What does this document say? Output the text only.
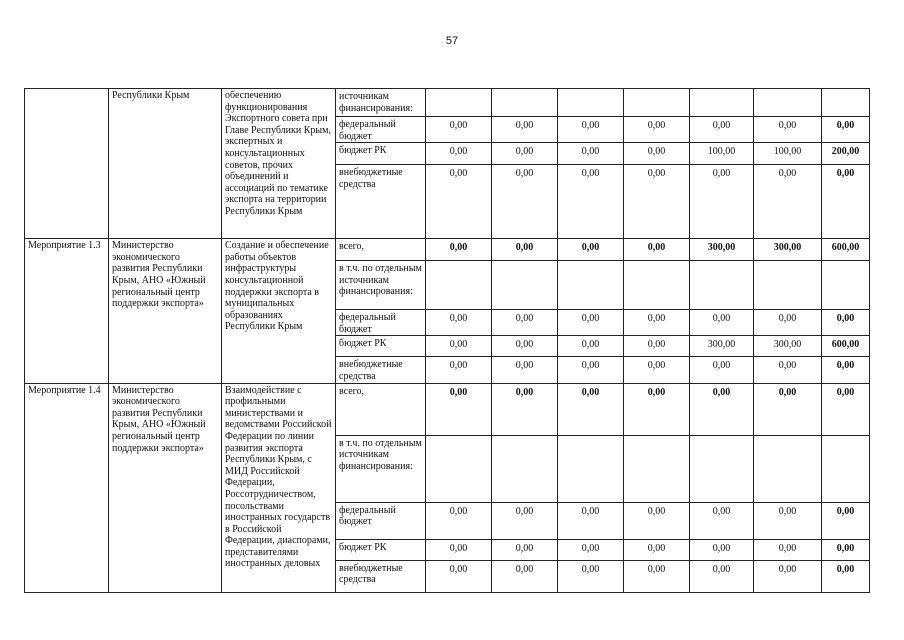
57
	Республики Крым	обеспечению функционирования Экспортного совета при Главе Республики Крым, экспертных и консультационных советов, прочих объединений и ассоциаций по тематике экспорта на территории Республики Крым	источникам финансирования:							
			федеральный бюджет	0,00	0,00	0,00	0,00	0,00	0,00	0,00
			бюджет РК	0,00	0,00	0,00	0,00	100,00	100,00	200,00
			внебюджетные средства	0,00	0,00	0,00	0,00	0,00	0,00	0,00
Мероприятие 1.3	Министерство экономического развития Республики Крым, АНО «Южный региональный центр поддержки экспорта»	Создание и обеспечение работы объектов инфраструктуры консультационной поддержки экспорта в муниципальных образованиях Республики Крым	всего,	0,00	0,00	0,00	0,00	300,00	300,00	600,00
			в т.ч. по отдельным источникам финансирования:							
			федеральный бюджет	0,00	0,00	0,00	0,00	0,00	0,00	0,00
			бюджет РК	0,00	0,00	0,00	0,00	300,00	300,00	600,00
			внебюджетные средства	0,00	0,00	0,00	0,00	0,00	0,00	0,00
Мероприятие 1.4	Министерство экономического развития Республики Крым, АНО «Южный региональный центр поддержки экспорта»	Взаимодействие с профильными министерствами и ведомствами Российской Федерации по линии развития экспорта Республики Крым, с МИД Российской Федерации, Россотрудничеством, посольствами иностранных государств в Российской Федерации, диаспорами, представителями иностранных деловых	всего,	0,00	0,00	0,00	0,00	0,00	0,00	0,00
			в т.ч. по отдельным источникам финансирования:							
			федеральный бюджет	0,00	0,00	0,00	0,00	0,00	0,00	0,00
			бюджет РК	0,00	0,00	0,00	0,00	0,00	0,00	0,00
			внебюджетные средства	0,00	0,00	0,00	0,00	0,00	0,00	0,00
